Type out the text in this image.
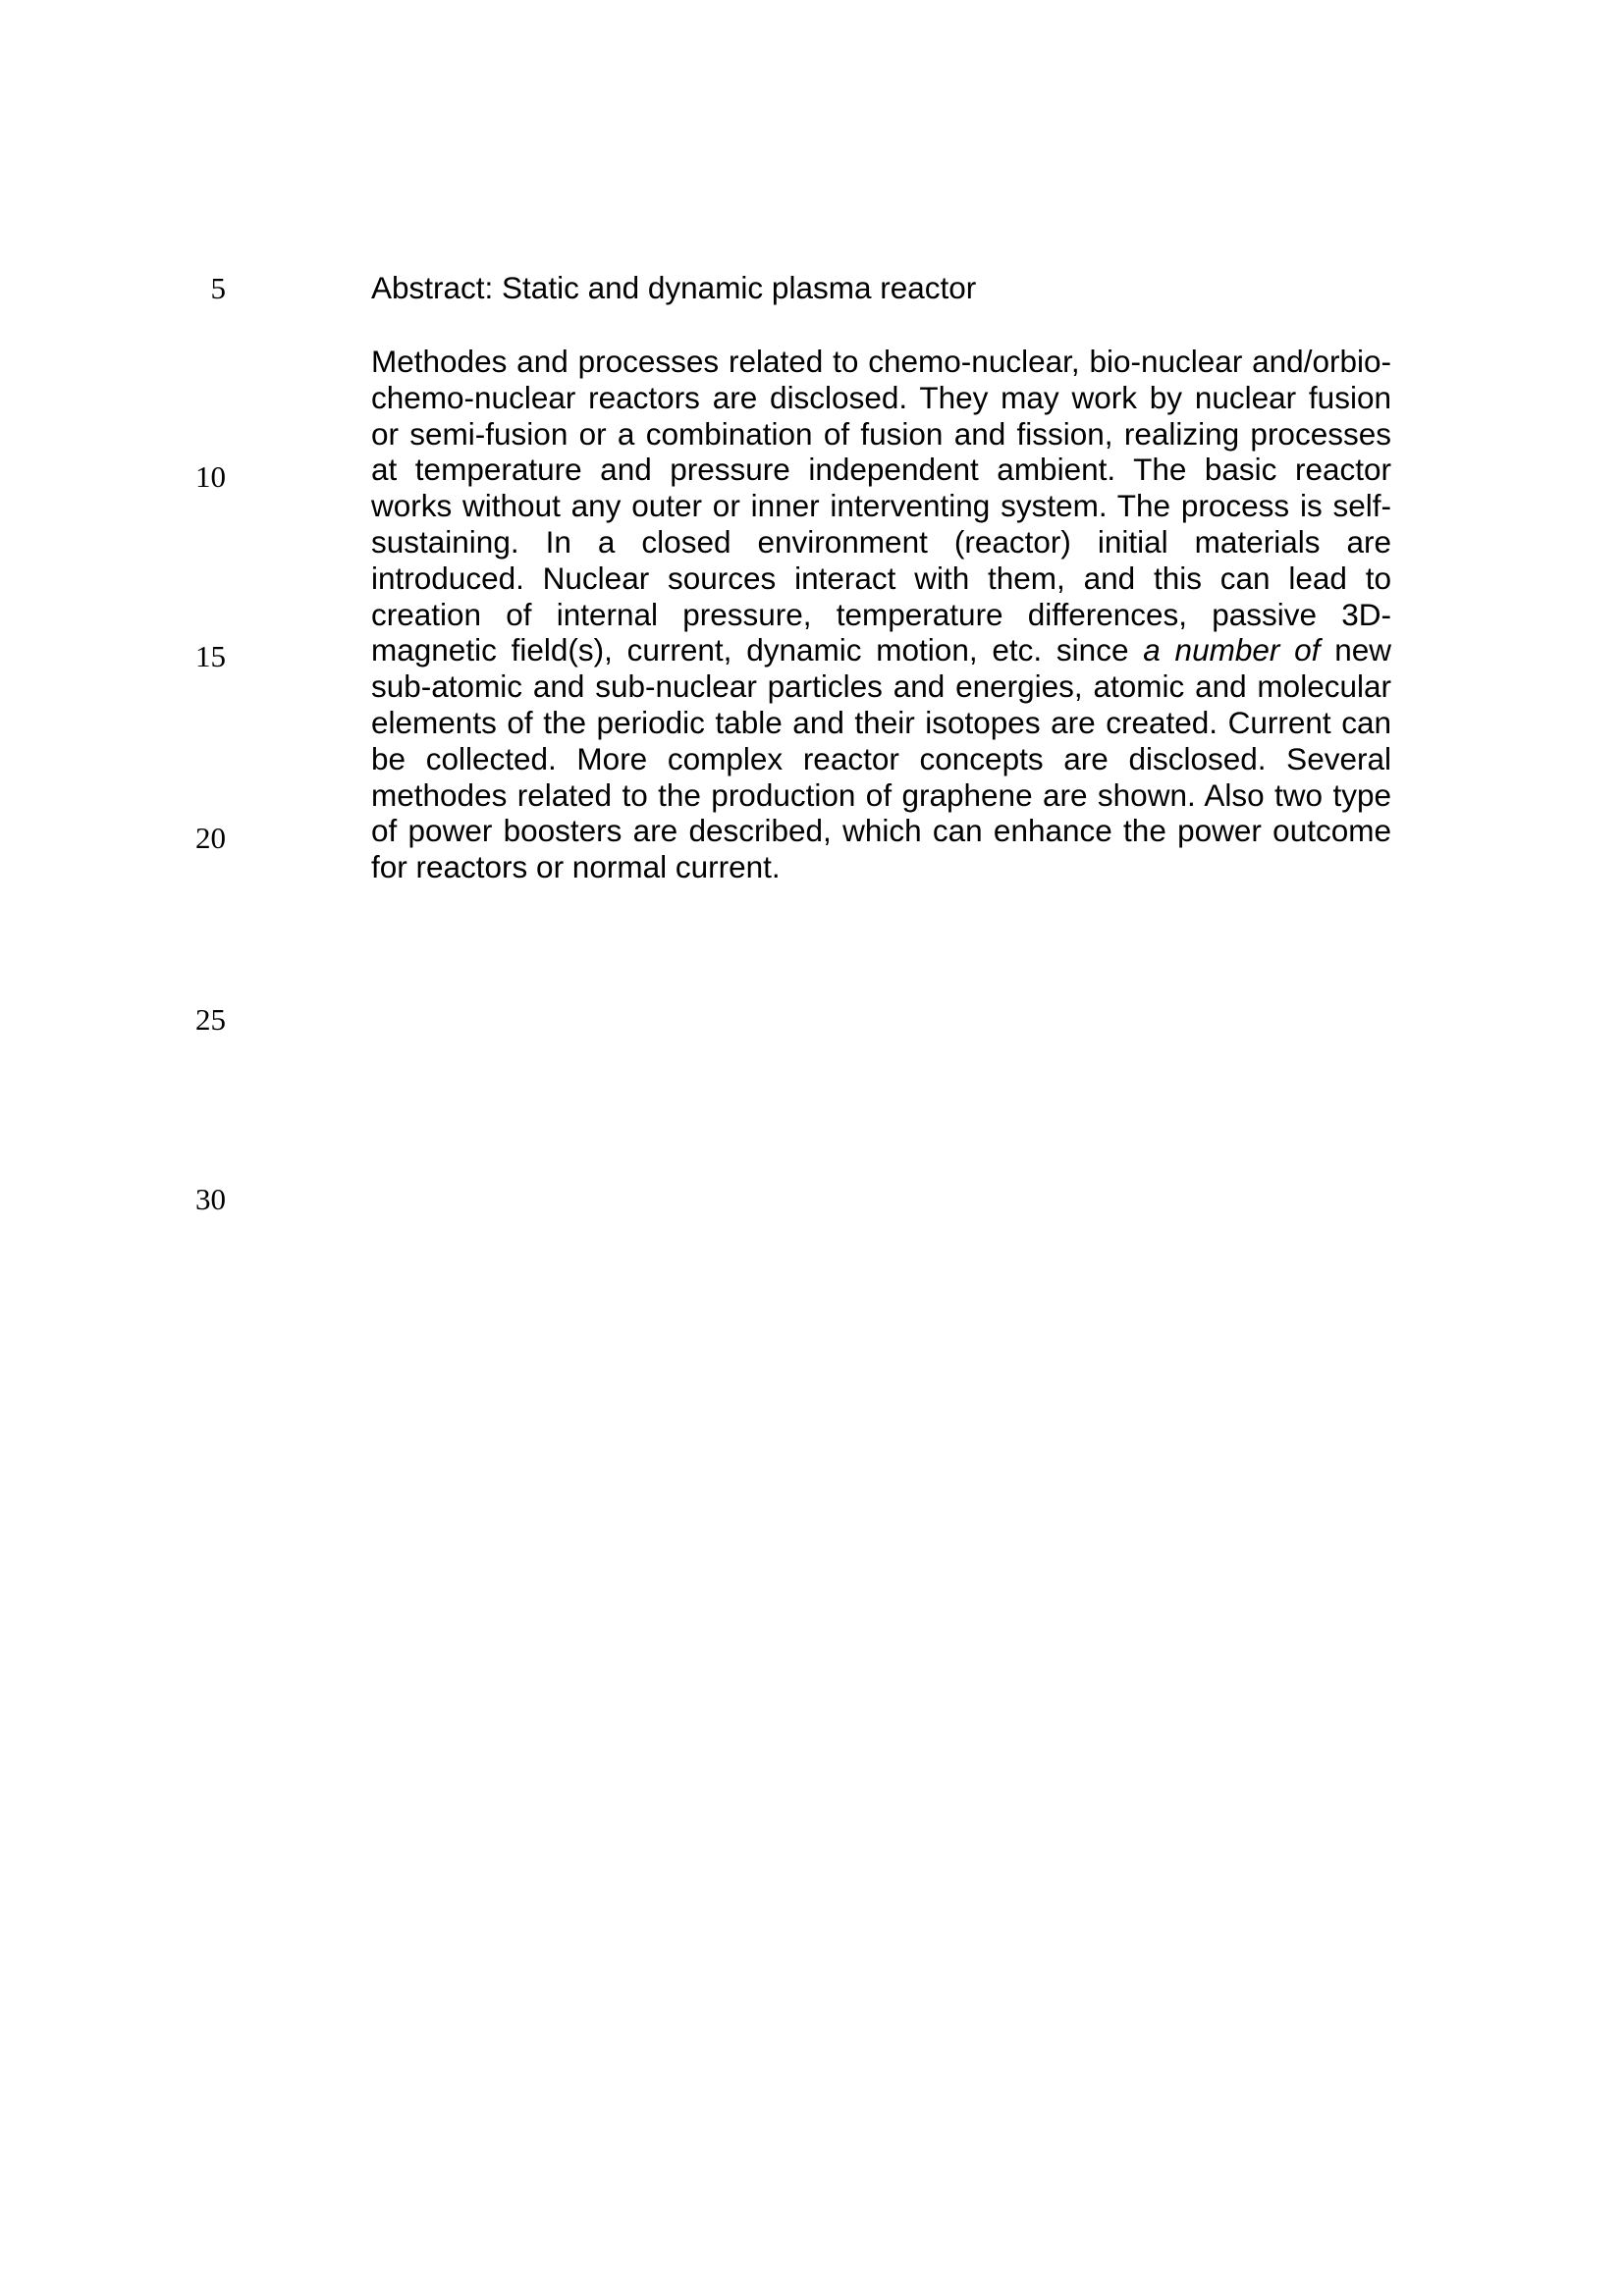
5
10
15
20
25
30
Abstract: Static and dynamic plasma reactor
Methodes and processes related to chemo-nuclear, bio-nuclear and/orbio-
chemo-nuclear reactors are disclosed. They may work by nuclear fusion
or semi-fusion or a combination of fusion and fission, realizing processes
at temperature and pressure independent ambient. The basic reactor
works without any outer or inner interventing system. The process is self-
sustaining. In a closed environment (reactor) initial materials are
introduced. Nuclear sources interact with them, and this can lead to
creation of internal pressure, temperature differences, passive 3D-
magnetic field(s), current, dynamic motion, etc. since a number of new
sub-atomic and sub-nuclear particles and energies, atomic and molecular
elements of the periodic table and their isotopes are created. Current can
be collected. More complex reactor concepts are disclosed. Several
methodes related to the production of graphene are shown. Also two type
of power boosters are described, which can enhance the power outcome
for reactors or normal current.
